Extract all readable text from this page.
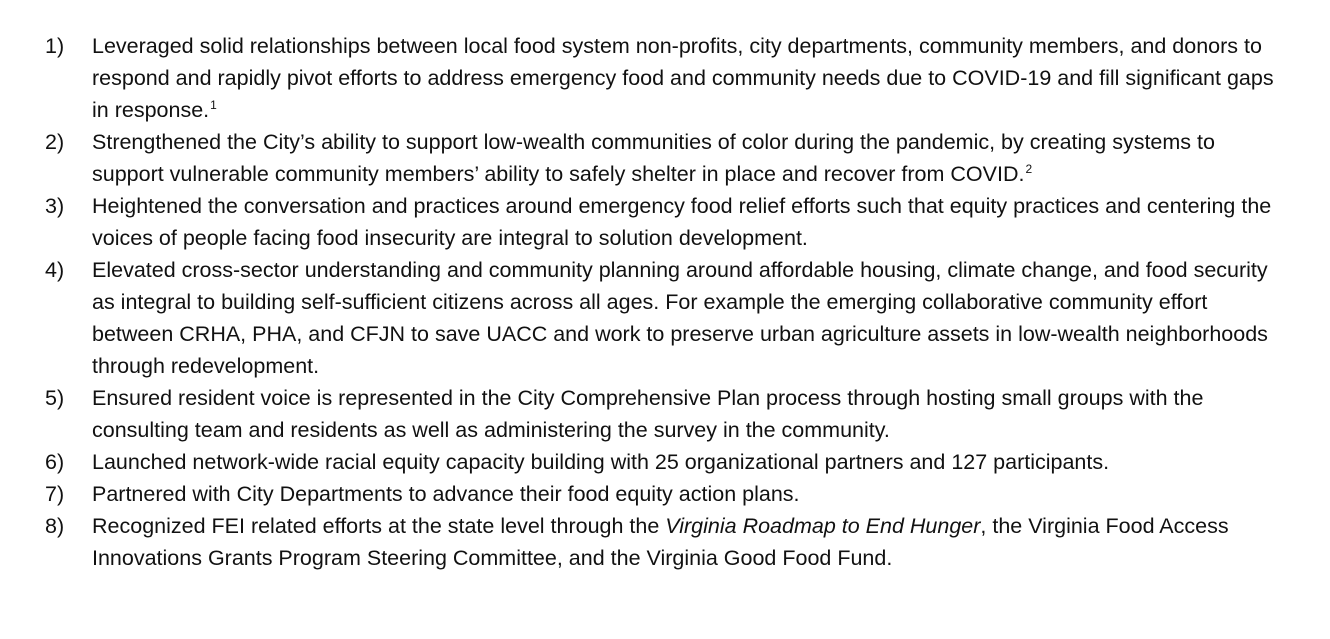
1) Leveraged solid relationships between local food system non-profits, city departments, community members, and donors to respond and rapidly pivot efforts to address emergency food and community needs due to COVID-19 and fill significant gaps in response.$^1$
2) Strengthened the City’s ability to support low-wealth communities of color during the pandemic, by creating systems to support vulnerable community members’ ability to safely shelter in place and recover from COVID.$^2$
3) Heightened the conversation and practices around emergency food relief efforts such that equity practices and centering the voices of people facing food insecurity are integral to solution development.
4) Elevated cross-sector understanding and community planning around affordable housing, climate change, and food security as integral to building self-sufficient citizens across all ages. For example the emerging collaborative community effort between CRHA, PHA, and CFJN to save UACC and work to preserve urban agriculture assets in low-wealth neighborhoods through redevelopment.
5) Ensured resident voice is represented in the City Comprehensive Plan process through hosting small groups with the consulting team and residents as well as administering the survey in the community.
6) Launched network-wide racial equity capacity building with 25 organizational partners and 127 participants.
7) Partnered with City Departments to advance their food equity action plans.
8) Recognized FEI related efforts at the state level through the Virginia Roadmap to End Hunger, the Virginia Food Access Innovations Grants Program Steering Committee, and the Virginia Good Food Fund.
